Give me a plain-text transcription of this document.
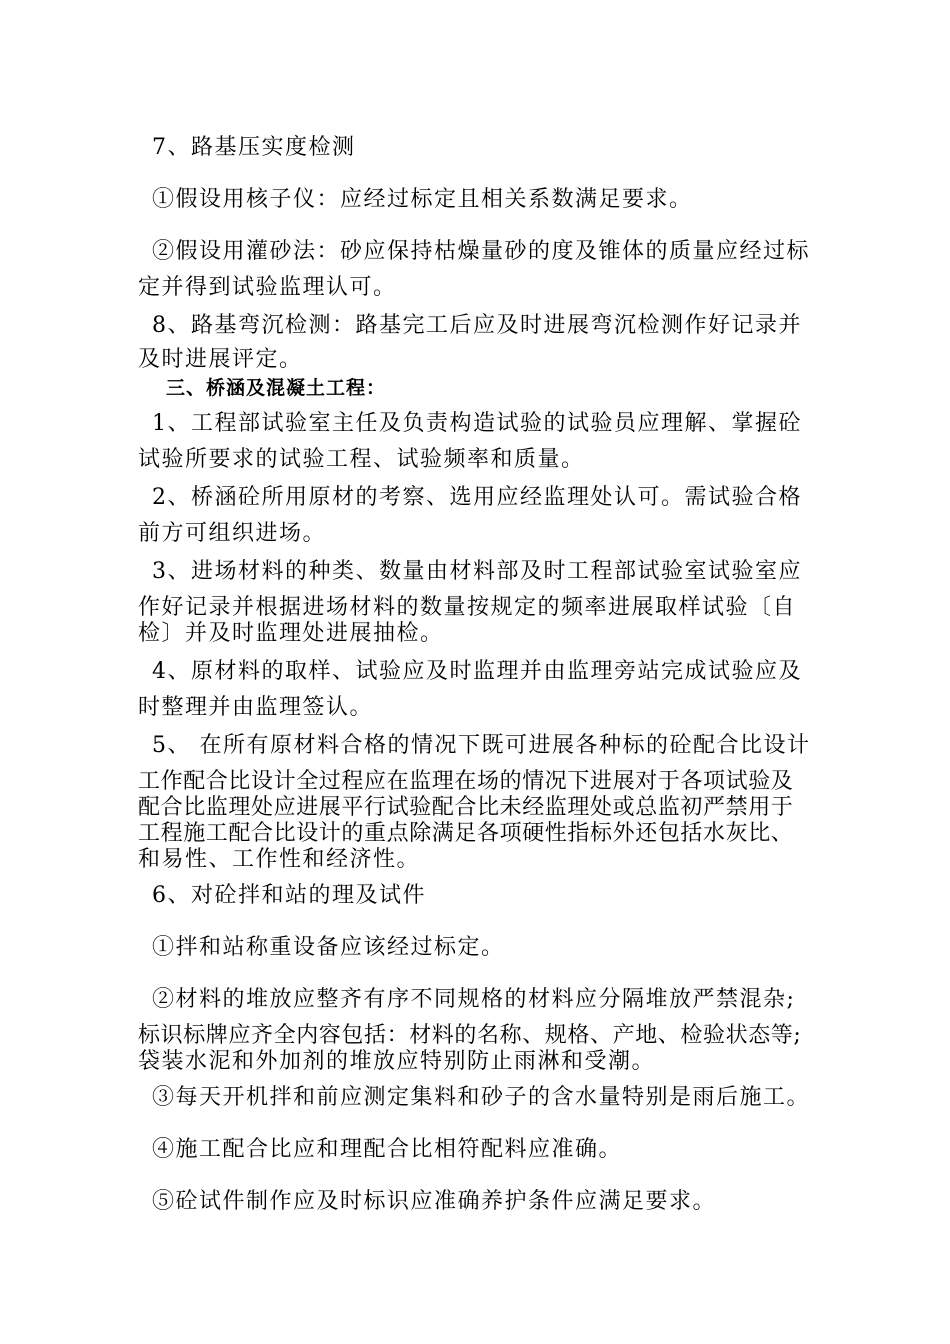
7、路基压实度检测
①假设用核子仪：应经过标定且相关系数满足要求。
②假设用灌砂法：砂应保持枯燥量砂的度及锥体的质量应经过标
定并得到试验监理认可。
8、路基弯沉检测：路基完工后应及时进展弯沉检测作好记录并
及时进展评定。
三、桥涵及混凝土工程：
1、工程部试验室主任及负责构造试验的试验员应理解、掌握砼
试验所要求的试验工程、试验频率和质量。
2、桥涵砼所用原材的考察、选用应经监理处认可。需试验合格
前方可组织进场。
3、进场材料的种类、数量由材料部及时工程部试验室试验室应
作好记录并根据进场材料的数量按规定的频率进展取样试验〔自
检〕并及时监理处进展抽检。
4、原材料的取样、试验应及时监理并由监理旁站完成试验应及
时整理并由监理签认。
5、 在所有原材料合格的情况下既可进展各种标的砼配合比设计
工作配合比设计全过程应在监理在场的情况下进展对于各项试验及
配合比监理处应进展平行试验配合比未经监理处或总监初严禁用于
工程施工配合比设计的重点除满足各项硬性指标外还包括水灰比、
和易性、工作性和经济性。
6、对砼拌和站的理及试件
①拌和站称重设备应该经过标定。
②材料的堆放应整齐有序不同规格的材料应分隔堆放严禁混杂;
标识标牌应齐全内容包括：材料的名称、规格、产地、检验状态等;
袋装水泥和外加剂的堆放应特别防止雨淋和受潮。
③每天开机拌和前应测定集料和砂子的含水量特别是雨后施工。
④施工配合比应和理配合比相符配料应准确。
⑤砼试件制作应及时标识应准确养护条件应满足要求。
